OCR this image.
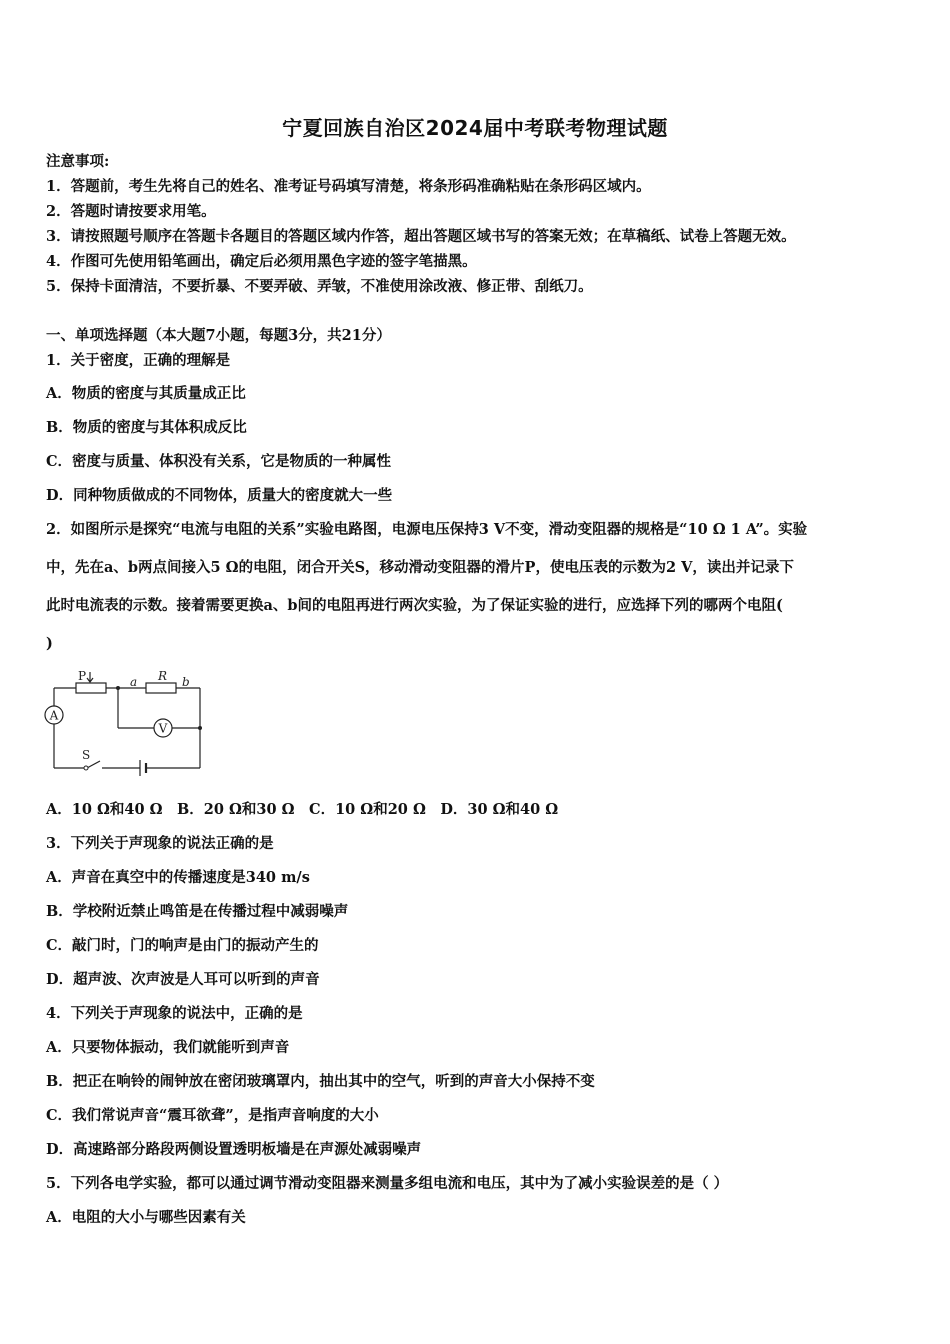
宁夏回族自治区2024届中考联考物理试题
注意事项:
1．答题前，考生先将自己的姓名、准考证号码填写清楚，将条形码准确粘贴在条形码区域内。
2．答题时请按要求用笔。
3．请按照题号顺序在答题卡各题目的答题区域内作答，超出答题区域书写的答案无效；在草稿纸、试卷上答题无效。
4．作图可先使用铅笔画出，确定后必须用黑色字迹的签字笔描黑。
5．保持卡面清洁，不要折暴、不要弄破、弄皱，不准使用涂改液、修正带、刮纸刀。
一、单项选择题（本大题7小题，每题3分，共21分）
1．关于密度，正确的理解是
A．物质的密度与其质量成正比
B．物质的密度与其体积成反比
C．密度与质量、体积没有关系，它是物质的一种属性
D．同种物质做成的不同物体，质量大的密度就大一些
2．如图所示是探究“电流与电阻的关系”实验电路图，电源电压保持3 V不变，滑动变阻器的规格是“10 Ω 1 A”。实验
中，先在a、b两点间接入5 Ω的电阻，闭合开关S，移动滑动变阻器的滑片P，使电压表的示数为2 V，读出并记录下
此时电流表的示数。接着需要更换a、b间的电阻再进行两次实验，为了保证实验的进行，应选择下列的哪两个电阻(
)
A
V
P	a R b
S
A．10 Ω和40 Ω　B．20 Ω和30 Ω　C．10 Ω和20 Ω　D．30 Ω和40 Ω
3．下列关于声现象的说法正确的是
A．声音在真空中的传播速度是340 m/s
B．学校附近禁止鸣笛是在传播过程中减弱噪声
C．敲门时，门的响声是由门的振动产生的
D．超声波、次声波是人耳可以听到的声音
4．下列关于声现象的说法中，正确的是
A．只要物体振动，我们就能听到声音
B．把正在响铃的闹钟放在密闭玻璃罩内，抽出其中的空气，听到的声音大小保持不变
C．我们常说声音“震耳欲聋”，是指声音响度的大小
D．高速路部分路段两侧设置透明板墙是在声源处减弱噪声
5．下列各电学实验，都可以通过调节滑动变阻器来测量多组电流和电压，其中为了减小实验误差的是（ ）
A．电阻的大小与哪些因素有关
